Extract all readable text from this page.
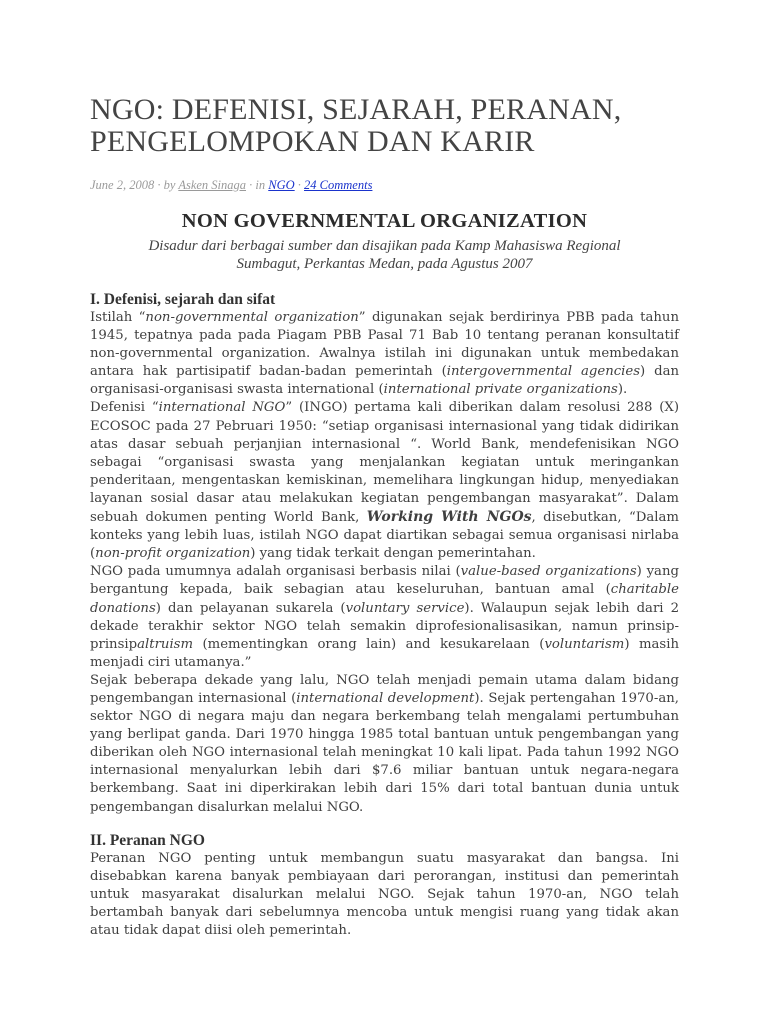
NGO: DEFENISI, SEJARAH, PERANAN,
PENGELOMPOKAN DAN KARIR
June 2, 2008 · by Asken Sinaga · in NGO · 24 Comments
NON GOVERNMENTAL ORGANIZATION
Disadur dari berbagai sumber dan disajikan pada Kamp Mahasiswa Regional
Sumbagut, Perkantas Medan, pada Agustus 2007
I. Defenisi, sejarah dan sifat

Istilah “non-governmental organization” digunakan sejak berdirinya PBB pada tahun 1945, tepatnya pada pada Piagam PBB Pasal 71 Bab 10 tentang peranan konsultatif non-governmental organization. Awalnya istilah ini digunakan untuk membedakan antara hak partisipatif badan-badan pemerintah (intergovernmental agencies) dan organisasi-organisasi swasta international (international private organizations).

Defenisi “international NGO” (INGO) pertama kali diberikan dalam resolusi 288 (X) ECOSOC pada 27 Pebruari 1950: “setiap organisasi internasional yang tidak didirikan atas dasar sebuah perjanjian internasional “. World Bank, mendefenisikan NGO sebagai “organisasi swasta yang menjalankan kegiatan untuk meringankan penderitaan, mengentaskan kemiskinan, memelihara lingkungan hidup, menyediakan layanan sosial dasar atau melakukan kegiatan pengembangan masyarakat”. Dalam sebuah dokumen penting World Bank, Working With NGOs, disebutkan, “Dalam konteks yang lebih luas, istilah NGO dapat diartikan sebagai semua organisasi nirlaba (non-profit organization) yang tidak terkait dengan pemerintahan.

NGO pada umumnya adalah organisasi berbasis nilai (value-based organizations) yang bergantung kepada, baik sebagian atau keseluruhan, bantuan amal (charitable donations) dan pelayanan sukarela (voluntary service). Walaupun sejak lebih dari 2 dekade terakhir sektor NGO telah semakin diprofesionalisasikan, namun prinsip-prinsipaltruism (mementingkan orang lain) and kesukarelaan (voluntarism) masih menjadi ciri utamanya.”

Sejak beberapa dekade yang lalu, NGO telah menjadi pemain utama dalam bidang pengembangan internasional (international development). Sejak pertengahan 1970-an, sektor NGO di negara maju dan negara berkembang telah mengalami pertumbuhan yang berlipat ganda. Dari 1970 hingga 1985 total bantuan untuk pengembangan yang diberikan oleh NGO internasional telah meningkat 10 kali lipat. Pada tahun 1992 NGO internasional menyalurkan lebih dari $7.6 miliar bantuan untuk negara-negara berkembang. Saat ini diperkirakan lebih dari 15% dari total bantuan dunia untuk pengembangan disalurkan melalui NGO.

II. Peranan NGO

Peranan NGO penting untuk membangun suatu masyarakat dan bangsa. Ini disebabkan karena banyak pembiayaan dari perorangan, institusi dan pemerintah untuk masyarakat disalurkan melalui NGO. Sejak tahun 1970-an, NGO telah bertambah banyak dari sebelumnya mencoba untuk mengisi ruang yang tidak akan atau tidak dapat diisi oleh pemerintah.
